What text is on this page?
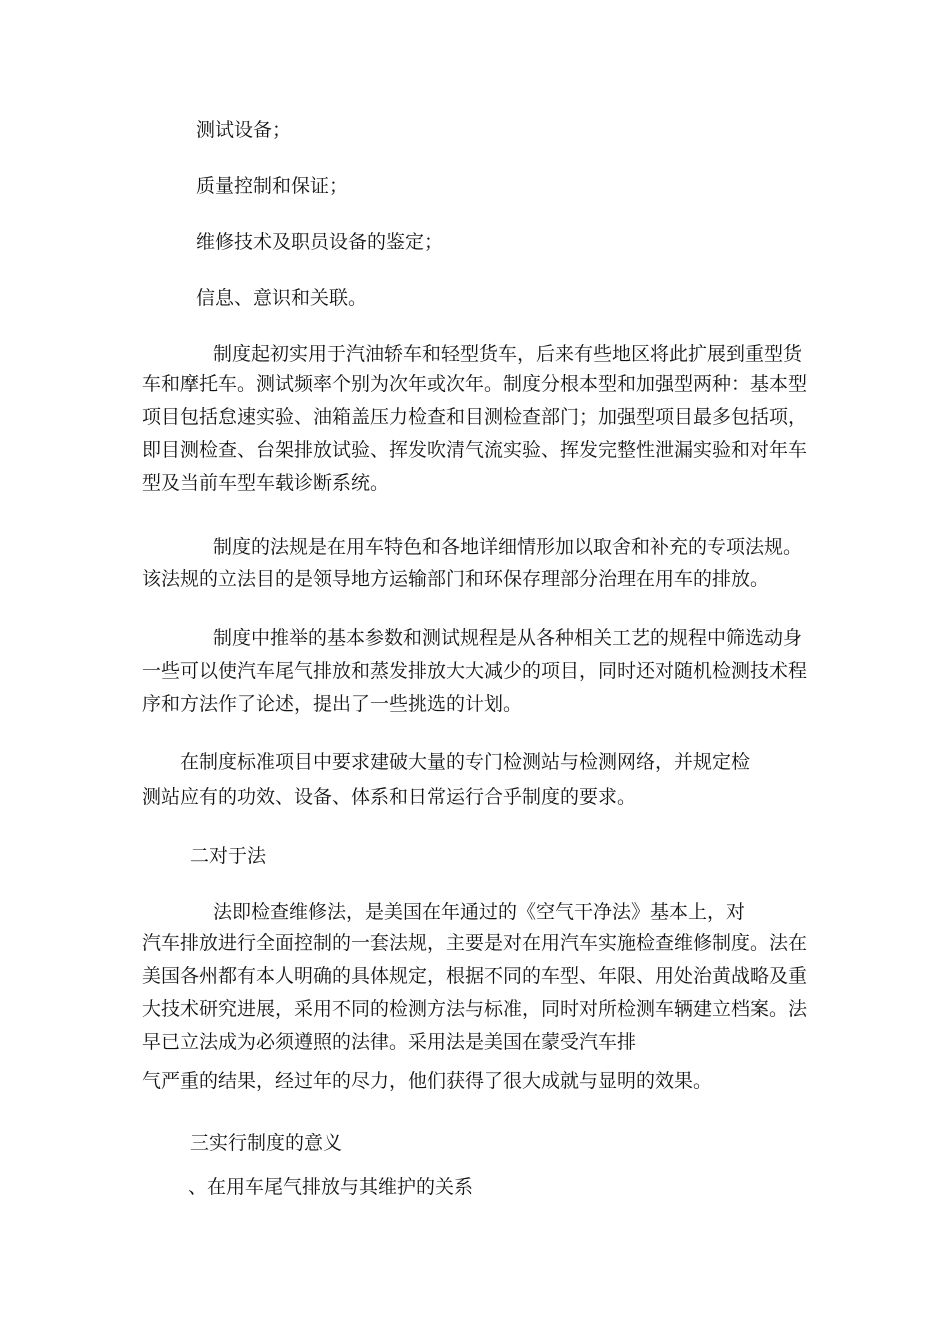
测试设备；
质量控制和保证；
维修技术及职员设备的鉴定；
信息、意识和关联。
制度起初实用于汽油轿车和轻型货车，后来有些地区将此扩展到重型货
车和摩托车。测试频率个别为次年或次年。制度分根本型和加强型两种：基本型
项目包括怠速实验、油箱盖压力检查和目测检查部门；加强型项目最多包括项，
即目测检查、台架排放试验、挥发吹清气流实验、挥发完整性泄漏实验和对年车
型及当前车型车载诊断系统。
制度的法规是在用车特色和各地详细情形加以取舍和补充的专项法规。
该法规的立法目的是领导地方运输部门和环保存理部分治理在用车的排放。
制度中推举的基本参数和测试规程是从各种相关工艺的规程中筛选动身
一些可以使汽车尾气排放和蒸发排放大大减少的项目，同时还对随机检测技术程
序和方法作了论述，提出了一些挑选的计划。
在制度标准项目中要求建破大量的专门检测站与检测网络，并规定检
测站应有的功效、设备、体系和日常运行合乎制度的要求。
二对于法
法即检查维修法，是美国在年通过的《空气干净法》基本上，对
汽车排放进行全面控制的一套法规，主要是对在用汽车实施检查维修制度。法在
美国各州都有本人明确的具体规定，根据不同的车型、年限、用处治黄战略及重
大技术研究进展，采用不同的检测方法与标准，同时对所检测车辆建立档案。法
早已立法成为必须遵照的法律。采用法是美国在蒙受汽车排
气严重的结果，经过年的尽力，他们获得了很大成就与显明的效果。
三实行制度的意义
、在用车尾气排放与其维护的关系
